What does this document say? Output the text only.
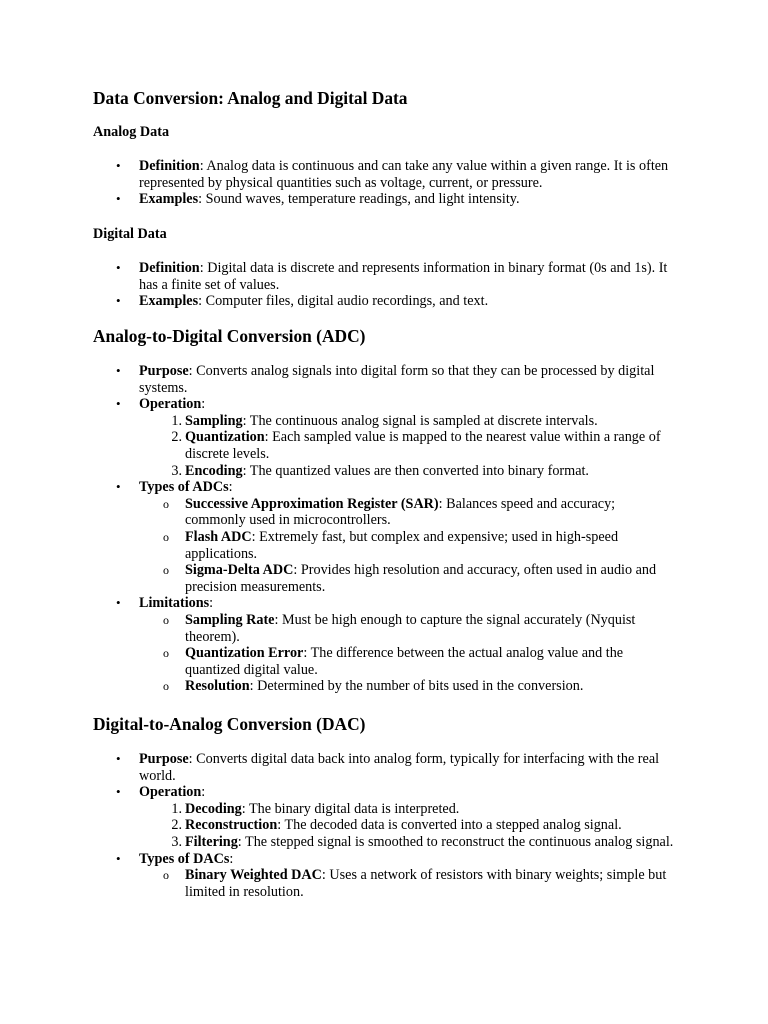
Data Conversion: Analog and Digital Data
Analog Data
• Definition: Analog data is continuous and can take any value within a given range. It is often represented by physical quantities such as voltage, current, or pressure.
• Examples: Sound waves, temperature readings, and light intensity.
Digital Data
• Definition: Digital data is discrete and represents information in binary format (0s and 1s). It has a finite set of values.
• Examples: Computer files, digital audio recordings, and text.
Analog-to-Digital Conversion (ADC)
• Purpose: Converts analog signals into digital form so that they can be processed by digital systems.
• Operation:
1. Sampling: The continuous analog signal is sampled at discrete intervals.
2. Quantization: Each sampled value is mapped to the nearest value within a range of discrete levels.
3. Encoding: The quantized values are then converted into binary format.
• Types of ADCs:
o Successive Approximation Register (SAR): Balances speed and accuracy; commonly used in microcontrollers.
o Flash ADC: Extremely fast, but complex and expensive; used in high-speed applications.
o Sigma-Delta ADC: Provides high resolution and accuracy, often used in audio and precision measurements.
• Limitations:
o Sampling Rate: Must be high enough to capture the signal accurately (Nyquist theorem).
o Quantization Error: The difference between the actual analog value and the quantized digital value.
o Resolution: Determined by the number of bits used in the conversion.
Digital-to-Analog Conversion (DAC)
• Purpose: Converts digital data back into analog form, typically for interfacing with the real world.
• Operation:
1. Decoding: The binary digital data is interpreted.
2. Reconstruction: The decoded data is converted into a stepped analog signal.
3. Filtering: The stepped signal is smoothed to reconstruct the continuous analog signal.
• Types of DACs:
o Binary Weighted DAC: Uses a network of resistors with binary weights; simple but limited in resolution.
